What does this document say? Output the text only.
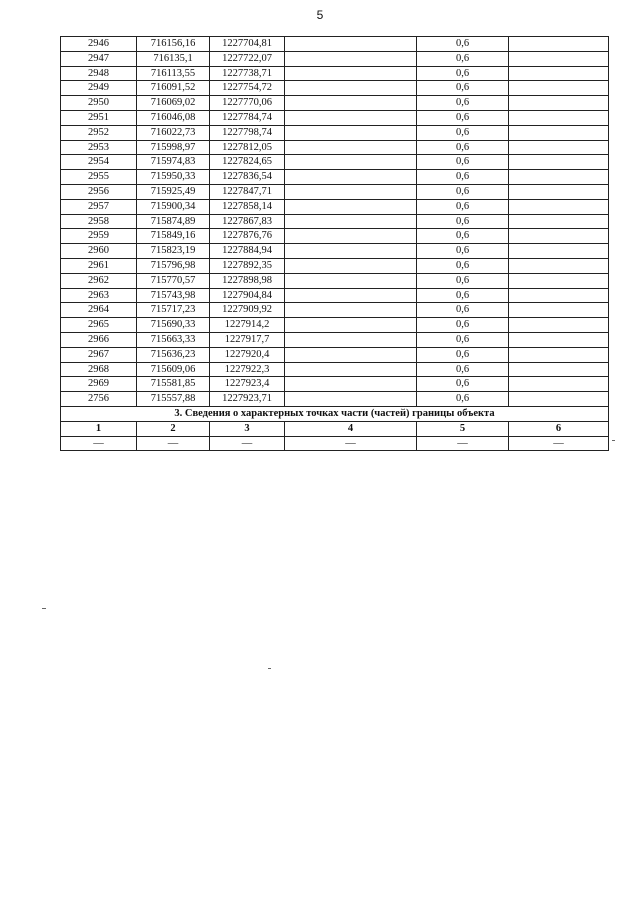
5
2946	716156,16	1227704,81		0,6	
2947	716135,1	1227722,07		0,6	
2948	716113,55	1227738,71		0,6	
2949	716091,52	1227754,72		0,6	
2950	716069,02	1227770,06		0,6	
2951	716046,08	1227784,74		0,6	
2952	716022,73	1227798,74		0,6	
2953	715998,97	1227812,05		0,6	
2954	715974,83	1227824,65		0,6	
2955	715950,33	1227836,54		0,6	
2956	715925,49	1227847,71		0,6	
2957	715900,34	1227858,14		0,6	
2958	715874,89	1227867,83		0,6	
2959	715849,16	1227876,76		0,6	
2960	715823,19	1227884,94		0,6	
2961	715796,98	1227892,35		0,6	
2962	715770,57	1227898,98		0,6	
2963	715743,98	1227904,84		0,6	
2964	715717,23	1227909,92		0,6	
2965	715690,33	1227914,2		0,6	
2966	715663,33	1227917,7		0,6	
2967	715636,23	1227920,4		0,6	
2968	715609,06	1227922,3		0,6	
2969	715581,85	1227923,4		0,6	
2756	715557,88	1227923,71		0,6	
3. Сведения о характерных точках части (частей) границы объекта					
1	2	3	4	5	6
—	—	—	—	—	—
